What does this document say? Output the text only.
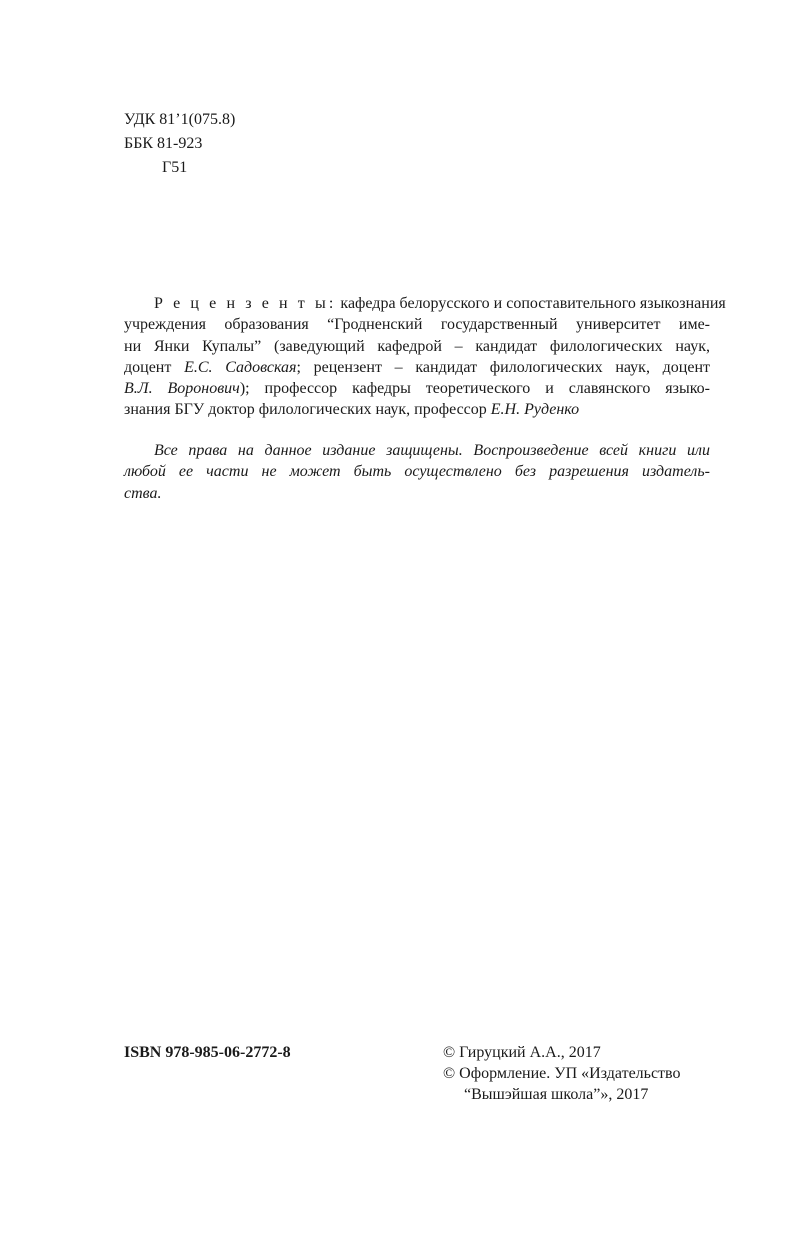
УДК 81’1(075.8)
ББК 81-923
Г51
Р е ц е н з е н т ы: кафедра белорусского и сопоставительного языкознания
учреждения образования “Гродненский государственный университет име-
ни Янки Купалы” (заведующий кафедрой – кандидат филологических наук,
доцент Е.С. Садовская; рецензент – кандидат филологических наук, доцент
В.Л. Воронович); профессор кафедры теоретического и славянского языко-
знания БГУ доктор филологических наук, профессор Е.Н. Руденко
Все права на данное издание защищены. Воспроизведение всей книги или
любой ее части не может быть осуществлено без разрешения издатель-
ства.
ISBN 978-985-06-2772-8	© Гируцкий А.А., 2017
© Оформление. УП «Издательство
“Вышэйшая школа”», 2017
